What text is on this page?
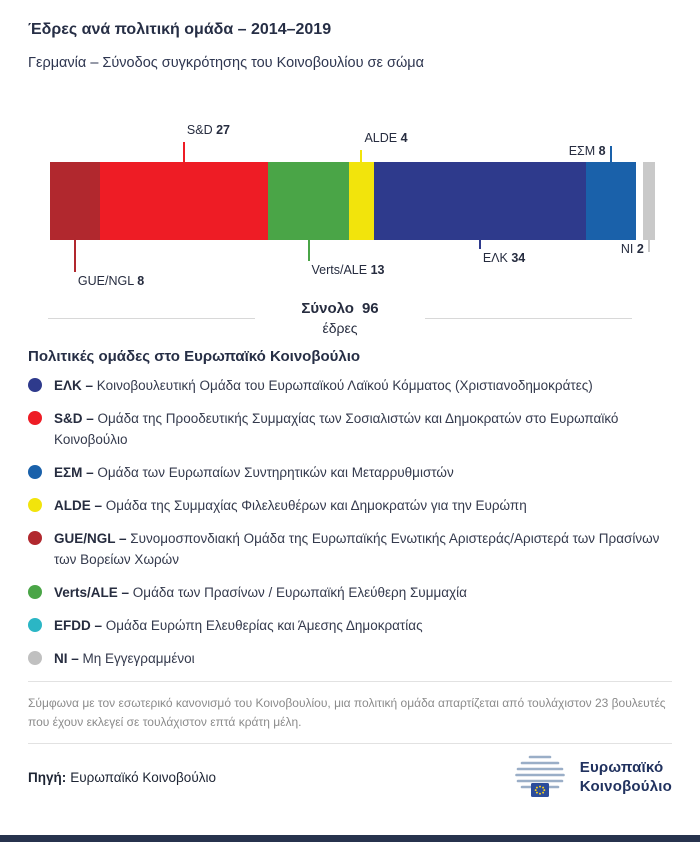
Έδρες ανά πολιτική ομάδα – 2014–2019

Γερμανία – Σύνοδος συγκρότησης του Κοινοβουλίου σε σώμα

GUE/NGL 8
S&D 27
Verts/ALE 13
ALDE 4
ΕΛΚ 34
ΕΣΜ 8
NI 2
Σύνολο 96
έδρες
Πολιτικές ομάδες στο Ευρωπαϊκό Κοινοβούλιο
ΕΛΚ – Κοινοβουλευτική Ομάδα του Ευρωπαϊκού Λαϊκού Κόμματος (Χριστιανοδημοκράτες)
S&D – Ομάδα της Προοδευτικής Συμμαχίας των Σοσιαλιστών και Δημοκρατών στο Ευρωπαϊκό Κοινοβούλιο
ΕΣΜ – Ομάδα των Ευρωπαίων Συντηρητικών και Μεταρρυθμιστών
ALDE – Ομάδα της Συμμαχίας Φιλελευθέρων και Δημοκρατών για την Ευρώπη
GUE/NGL – Συνομοσπονδιακή Ομάδα της Ευρωπαϊκής Ενωτικής Αριστεράς/Αριστερά των Πρασίνων των Βορείων Χωρών
Verts/ALE – Ομάδα των Πρασίνων / Ευρωπαϊκή Ελεύθερη Συμμαχία
EFDD – Ομάδα Ευρώπη Ελευθερίας και Άμεσης Δημοκρατίας
NI – Μη Εγγεγραμμένοι

Σύμφωνα με τον εσωτερικό κανονισμό του Κοινοβουλίου, μια πολιτική ομάδα απαρτίζεται από τουλάχιστον 23 βουλευτές που έχουν εκλεγεί σε τουλάχιστον επτά κράτη μέλη.

Πηγή: Ευρωπαϊκό Κοινοβούλιο
Ευρωπαϊκό
Κοινοβούλιο
